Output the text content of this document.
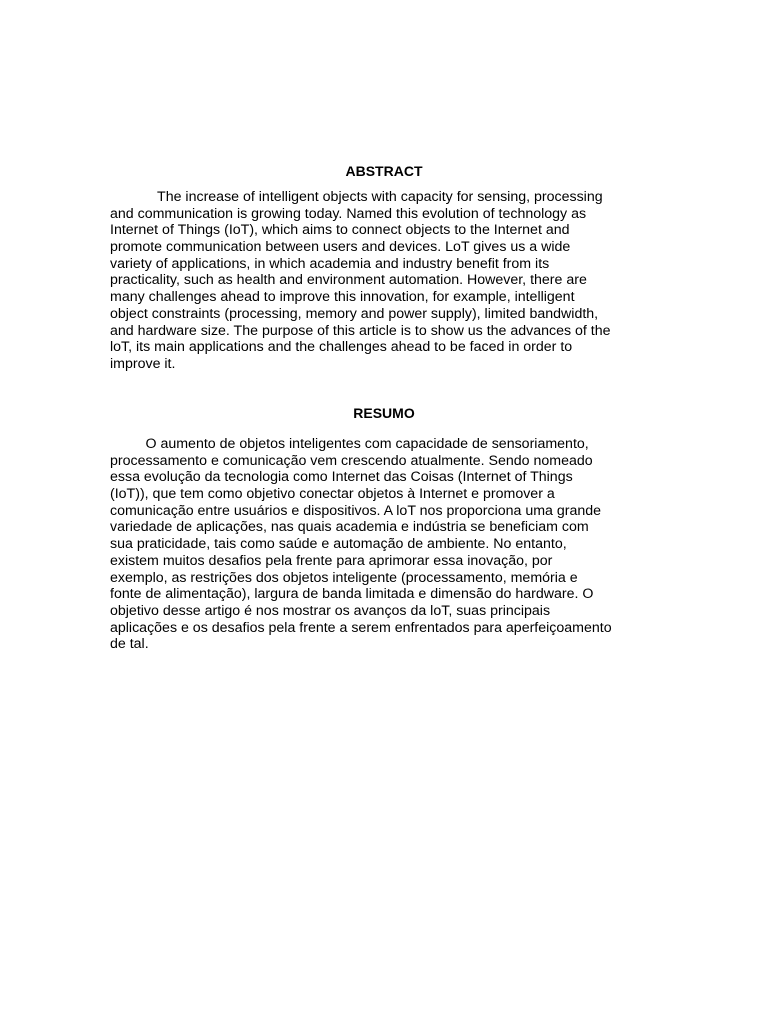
ABSTRACT
The increase of intelligent objects with capacity for sensing, processing
and communication is growing today. Named this evolution of technology as
Internet of Things (IoT), which aims to connect objects to the Internet and
promote communication between users and devices. LoT gives us a wide
variety of applications, in which academia and industry benefit from its
practicality, such as health and environment automation. However, there are
many challenges ahead to improve this innovation, for example, intelligent
object constraints (processing, memory and power supply), limited bandwidth,
and hardware size. The purpose of this article is to show us the advances of the
loT, its main applications and the challenges ahead to be faced in order to
improve it.
RESUMO
O aumento de objetos inteligentes com capacidade de sensoriamento,
processamento e comunicação vem crescendo atualmente. Sendo nomeado
essa evolução da tecnologia como Internet das Coisas (Internet of Things
(IoT)), que tem como objetivo conectar objetos à Internet e promover a
comunicação entre usuários e dispositivos. A loT nos proporciona uma grande
variedade de aplicações, nas quais academia e indústria se beneficiam com
sua praticidade, tais como saúde e automação de ambiente. No entanto,
existem muitos desafios pela frente para aprimorar essa inovação, por
exemplo, as restrições dos objetos inteligente (processamento, memória e
fonte de alimentação), largura de banda limitada e dimensão do hardware. O
objetivo desse artigo é nos mostrar os avanços da loT, suas principais
aplicações e os desafios pela frente a serem enfrentados para aperfeiçoamento
de tal.
